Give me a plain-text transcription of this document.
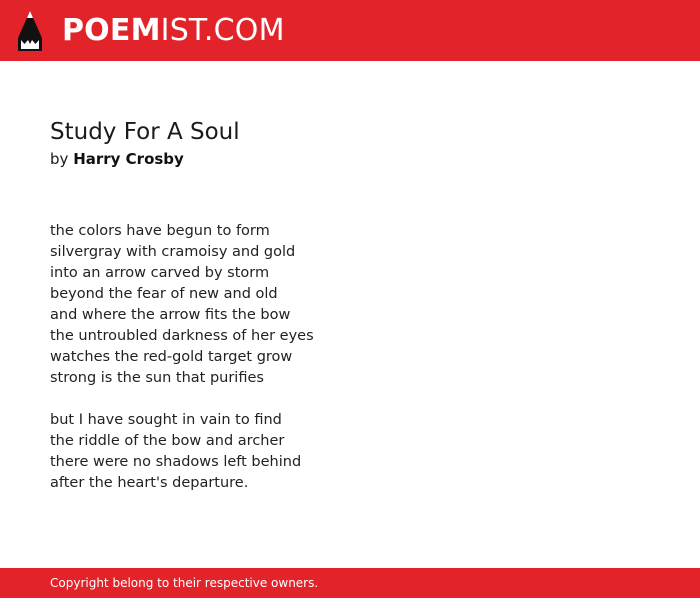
POEMIST.COM
Study For A Soul
by Harry Crosby
the colors have begun to form
silvergray with cramoisy and gold
into an arrow carved by storm
beyond the fear of new and old
and where the arrow fits the bow
the untroubled darkness of her eyes
watches the red-gold target grow
strong is the sun that purifies
but I have sought in vain to find
the riddle of the bow and archer
there were no shadows left behind
after the heart's departure.
Copyright belong to their respective owners.
